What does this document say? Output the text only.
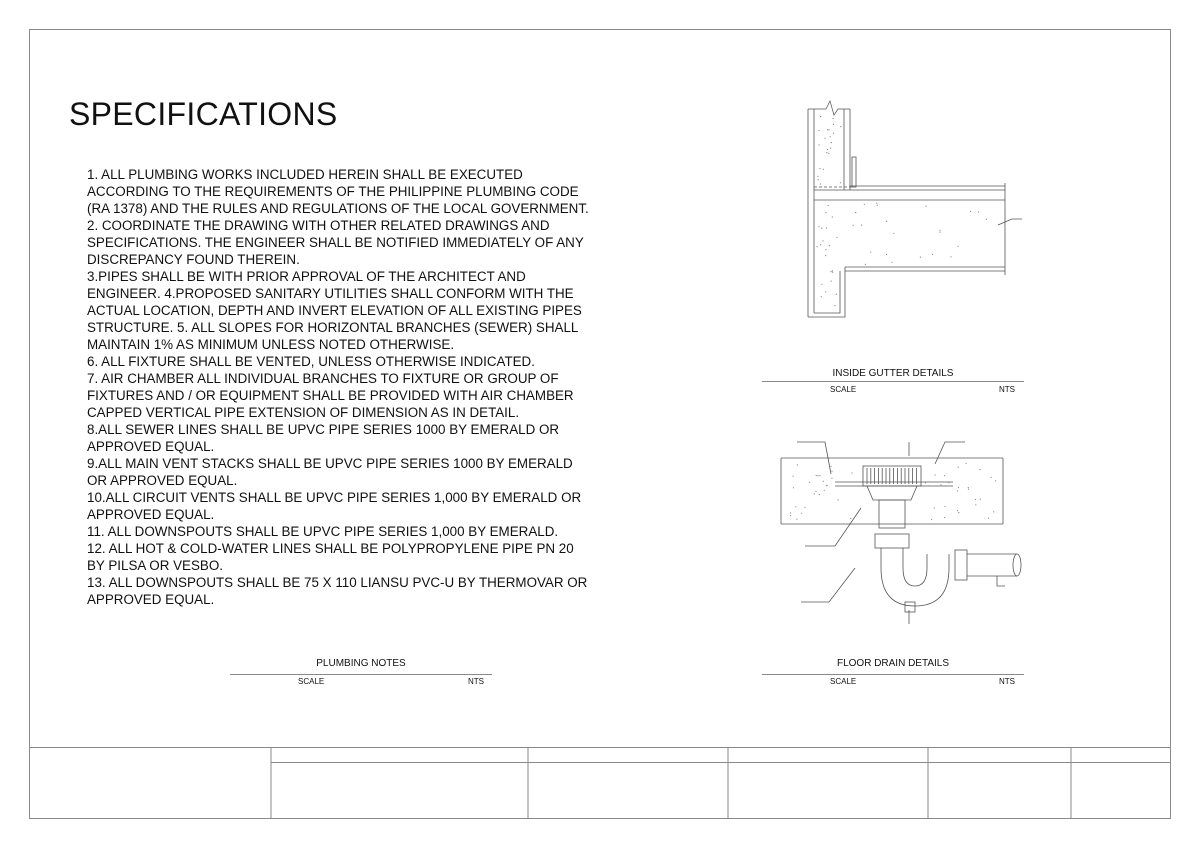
SPECIFICATIONS
1. ALL PLUMBING WORKS INCLUDED HEREIN SHALL BE EXECUTED
ACCORDING TO THE REQUIREMENTS OF THE PHILIPPINE PLUMBING CODE
(RA 1378) AND THE RULES AND REGULATIONS OF THE LOCAL GOVERNMENT.
2. COORDINATE THE DRAWING WITH OTHER RELATED DRAWINGS AND
SPECIFICATIONS. THE ENGINEER SHALL BE NOTIFIED IMMEDIATELY OF ANY
DISCREPANCY FOUND THEREIN.
3.PIPES SHALL BE WITH PRIOR APPROVAL OF THE ARCHITECT AND
ENGINEER. 4.PROPOSED SANITARY UTILITIES SHALL CONFORM WITH THE
ACTUAL LOCATION, DEPTH AND INVERT ELEVATION OF ALL EXISTING PIPES
STRUCTURE. 5. ALL SLOPES FOR HORIZONTAL BRANCHES (SEWER) SHALL
MAINTAIN 1% AS MINIMUM UNLESS NOTED OTHERWISE.
6. ALL FIXTURE SHALL BE VENTED, UNLESS OTHERWISE INDICATED.
7. AIR CHAMBER ALL INDIVIDUAL BRANCHES TO FIXTURE OR GROUP OF
FIXTURES AND / OR EQUIPMENT SHALL BE PROVIDED WITH AIR CHAMBER
CAPPED VERTICAL PIPE EXTENSION OF DIMENSION AS IN DETAIL.
8.ALL SEWER LINES SHALL BE UPVC PIPE SERIES 1000 BY EMERALD OR
APPROVED EQUAL.
9.ALL MAIN VENT STACKS SHALL BE UPVC PIPE SERIES 1000 BY EMERALD
OR APPROVED EQUAL.
10.ALL CIRCUIT VENTS SHALL BE UPVC PIPE SERIES 1,000 BY EMERALD OR
APPROVED EQUAL.
11. ALL DOWNSPOUTS SHALL BE UPVC PIPE SERIES 1,000 BY EMERALD.
12. ALL HOT & COLD-WATER LINES SHALL BE POLYPROPYLENE PIPE PN 20
BY PILSA OR VESBO.
13. ALL DOWNSPOUTS SHALL BE 75 X 110 LIANSU PVC-U BY THERMOVAR OR
APPROVED EQUAL.
PLUMBING NOTES
SCALE	NTS
INSIDE GUTTER DETAILS
SCALE	NTS
FLOOR DRAIN DETAILS
SCALE	NTS
